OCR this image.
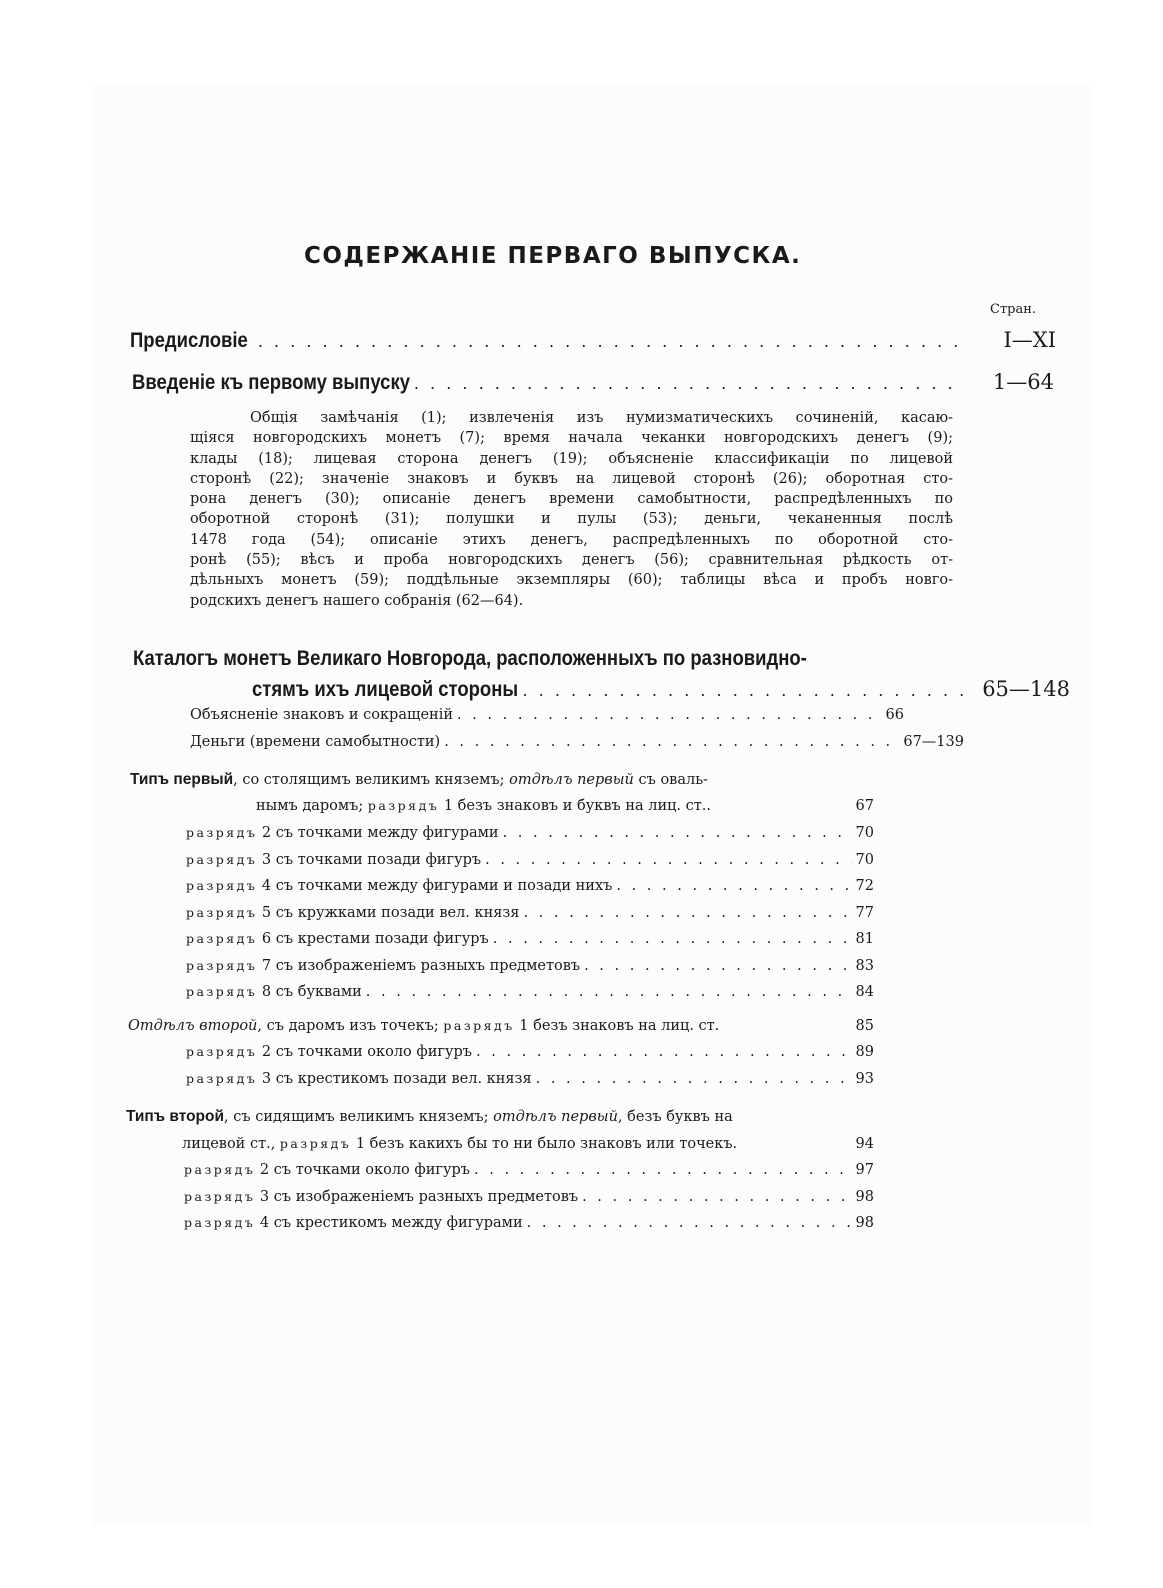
СОДЕРЖАНІЕ ПЕРВАГО ВЫПУСКА.
Стран.
Предисловіе . . .	I—XI
Введеніе къ первому выпуску . . .	1—64
Общія замѣчанія (1); извлеченія изъ нумизматическихъ сочиненій, касаю-
щіяся новгородскихъ монетъ (7); время начала чеканки новгородскихъ денегъ (9);
клады (18); лицевая сторона денегъ (19); объясненіе классификаціи по лицевой
сторонѣ (22); значеніе знаковъ и буквъ на лицевой сторонѣ (26); оборотная сто-
рона денегъ (30); описаніе денегъ времени самобытности, распредѣленныхъ по
оборотной сторонѣ (31); полушки и пулы (53); деньги, чеканенныя послѣ
1478 года (54); описаніе этихъ денегъ, распредѣленныхъ по оборотной сто-
ронѣ (55); вѣсъ и проба новгородскихъ денегъ (56); сравнительная рѣдкость от-
дѣльныхъ монетъ (59); поддѣльные экземпляры (60); таблицы вѣса и пробъ новго-
родскихъ денегъ нашего собранія (62—64).
Каталогъ монетъ Великаго Новгорода, расположенныхъ по разновидно-
стямъ ихъ лицевой стороны . . .	65—148
Объясненіе знаковъ и сокращеній . . .	66
Деньги (времени самобытности) . . .	67—139
Типъ первый, со столящимъ великимъ княземъ; отдѣлъ первый съ оваль-
нымъ даромъ; разрядъ 1 безъ знаковъ и буквъ на лиц. ст..	67
разрядъ 2 съ точками между фигурами . . .	70
разрядъ 3 съ точками позади фигуръ . . .	70
разрядъ 4 съ точками между фигурами и позади нихъ . . .	72
разрядъ 5 съ кружками позади вел. князя . . .	77
разрядъ 6 съ крестами позади фигуръ . . .	81
разрядъ 7 съ изображеніемъ разныхъ предметовъ . . .	83
разрядъ 8 съ буквами . . .	84
Отдѣлъ второй, съ даромъ изъ точекъ; разрядъ 1 безъ знаковъ на лиц. ст.	85
разрядъ 2 съ точками около фигуръ . . .	89
разрядъ 3 съ крестикомъ позади вел. князя . . .	93
Типъ второй, съ сидящимъ великимъ княземъ; отдѣлъ первый, безъ буквъ на
лицевой ст., разрядъ 1 безъ какихъ бы то ни было знаковъ или точекъ.	94
разрядъ 2 съ точками около фигуръ . . .	97
разрядъ 3 съ изображеніемъ разныхъ предметовъ . . .	98
разрядъ 4 съ крестикомъ между фигурами . . .	98
